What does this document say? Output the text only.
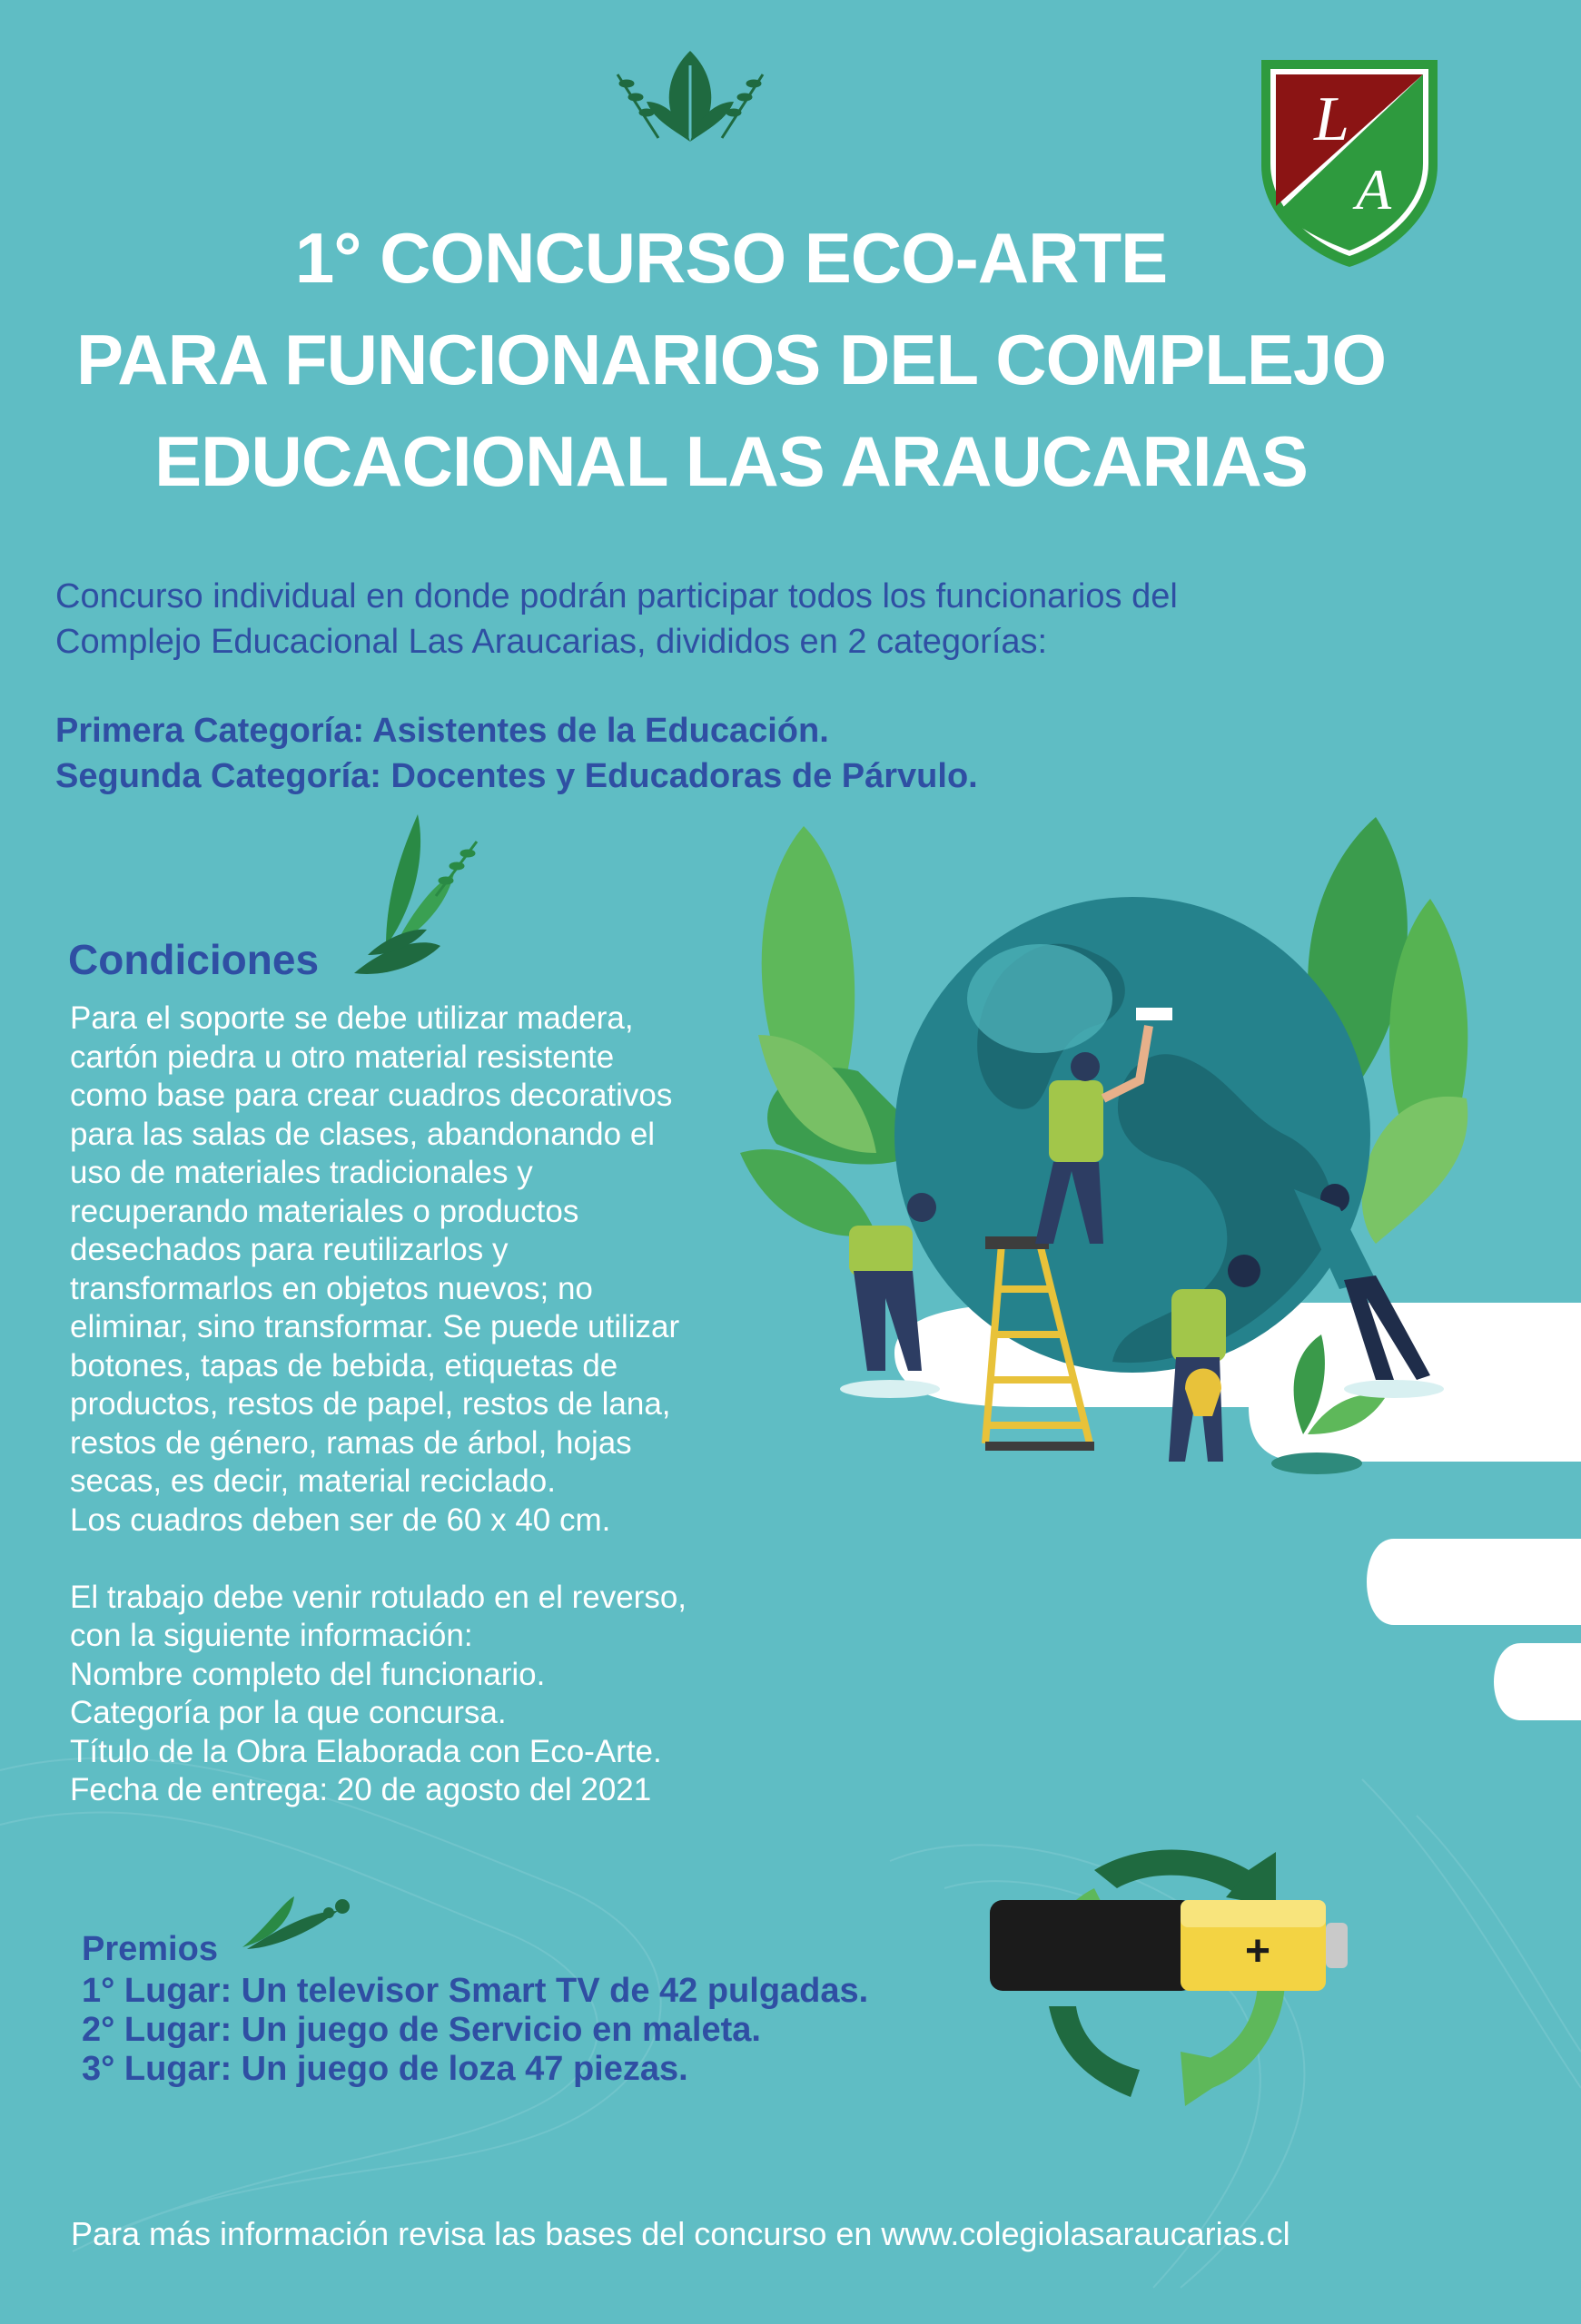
L
A
1° CONCURSO ECO-ARTE
PARA FUNCIONARIOS DEL COMPLEJO
EDUCACIONAL LAS ARAUCARIAS
Concurso individual en donde podrán participar todos los funcionarios del
Complejo Educacional Las Araucarias, divididos en 2 categorías:
Primera Categoría: Asistentes de la Educación.
Segunda Categoría: Docentes y Educadoras de Párvulo.
Condiciones
Para el soporte se debe utilizar madera,
cartón piedra u otro material resistente
como base para crear cuadros decorativos
para las salas de clases, abandonando el
uso de materiales tradicionales y
recuperando materiales o productos
desechados para reutilizarlos y
transformarlos en objetos nuevos; no
eliminar, sino transformar. Se puede utilizar
botones, tapas de bebida, etiquetas de
productos, restos de papel, restos de lana,
restos de género, ramas de árbol, hojas
secas, es decir, material reciclado.
Los cuadros deben ser de 60 x 40 cm.

El trabajo debe venir rotulado en el reverso,
con la siguiente información:
Nombre completo del funcionario.
Categoría por la que concursa.
Título de la Obra Elaborada con Eco-Arte.
Fecha de entrega: 20 de agosto del 2021
Premios
1° Lugar: Un televisor Smart TV de 42 pulgadas.
2° Lugar: Un juego de Servicio en maleta.
3° Lugar: Un juego de loza 47 piezas.
+
Para más información revisa las bases del concurso en www.colegiolasaraucarias.cl
